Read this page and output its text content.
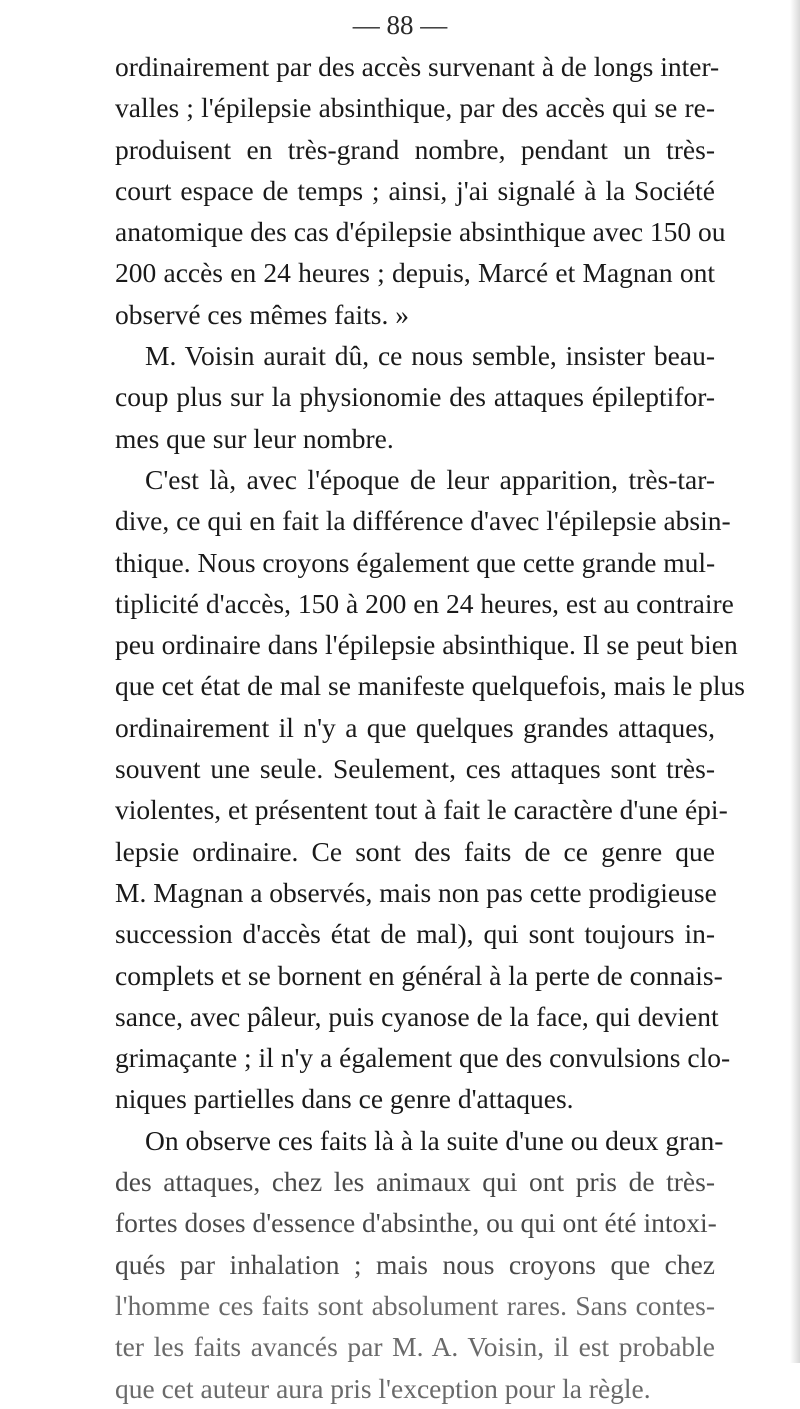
— 88 —
ordinairement par des accès survenant à de longs inter-
valles ; l'épilepsie absinthique, par des accès qui se re-
produisent en très-grand nombre, pendant un très-
court espace de temps ; ainsi, j'ai signalé à la Société
anatomique des cas d'épilepsie absinthique avec 150 ou
200 accès en 24 heures ; depuis, Marcé et Magnan ont
observé ces mêmes faits. »
M. Voisin aurait dû, ce nous semble, insister beau-
coup plus sur la physionomie des attaques épileptifor-
mes que sur leur nombre.
C'est là, avec l'époque de leur apparition, très-tar-
dive, ce qui en fait la différence d'avec l'épilepsie absin-
thique. Nous croyons également que cette grande mul-
tiplicité d'accès, 150 à 200 en 24 heures, est au contraire
peu ordinaire dans l'épilepsie absinthique. Il se peut bien
que cet état de mal se manifeste quelquefois, mais le plus
ordinairement il n'y a que quelques grandes attaques,
souvent une seule. Seulement, ces attaques sont très-
violentes, et présentent tout à fait le caractère d'une épi-
lepsie ordinaire. Ce sont des faits de ce genre que
M. Magnan a observés, mais non pas cette prodigieuse
succession d'accès état de mal), qui sont toujours in-
complets et se bornent en général à la perte de connais-
sance, avec pâleur, puis cyanose de la face, qui devient
grimaçante ; il n'y a également que des convulsions clo-
niques partielles dans ce genre d'attaques.
On observe ces faits là à la suite d'une ou deux gran-
des attaques, chez les animaux qui ont pris de très-
fortes doses d'essence d'absinthe, ou qui ont été intoxi-
qués par inhalation ; mais nous croyons que chez
l'homme ces faits sont absolument rares. Sans contes-
ter les faits avancés par M. A. Voisin, il est probable
que cet auteur aura pris l'exception pour la règle.
